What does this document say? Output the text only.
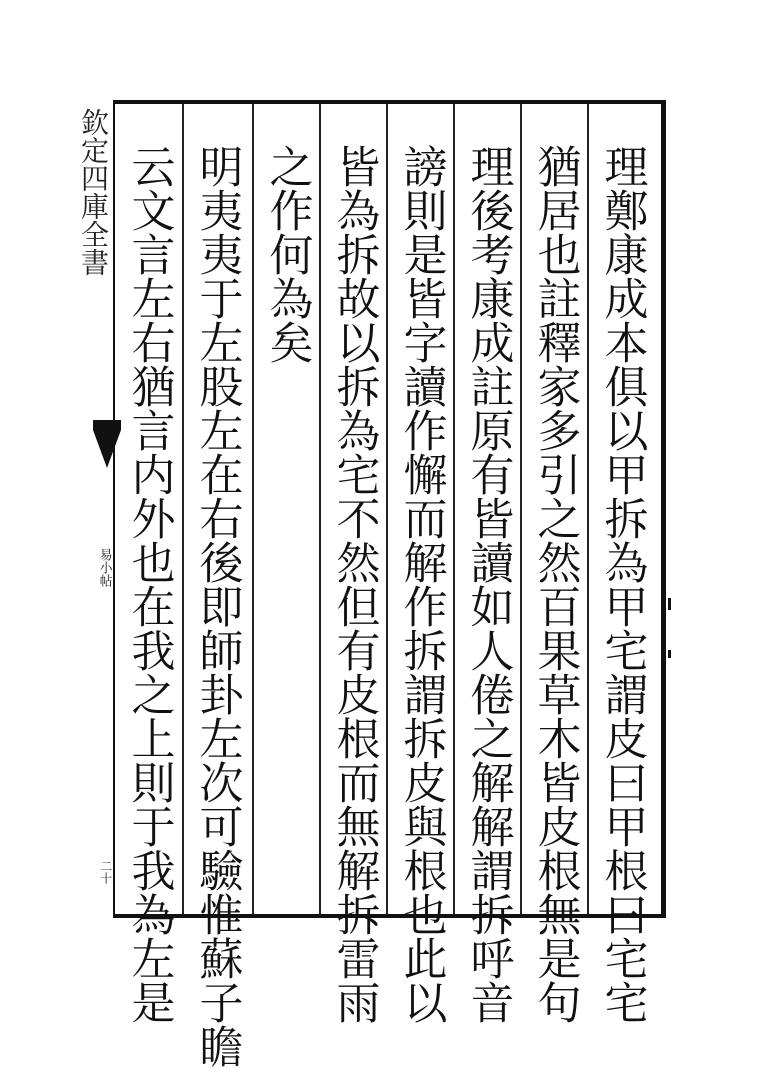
理鄭康成本俱以甲拆為甲宅謂皮曰甲根曰宅宅
猶居也註釋家多引之然百果草木皆皮根無是句
理後考康成註原有皆讀如人倦之解解謂拆呼音
謗則是皆字讀作懈而解作拆謂拆皮與根也此以
皆為拆故以拆為宅不然但有皮根而無解拆雷雨
之作何為矣
明夷夷于左股左在右後即師卦左次可驗惟蘇子瞻
云文言左右猶言内外也在我之上則于我為左是
欽定四庫全書
易小帖
二十
